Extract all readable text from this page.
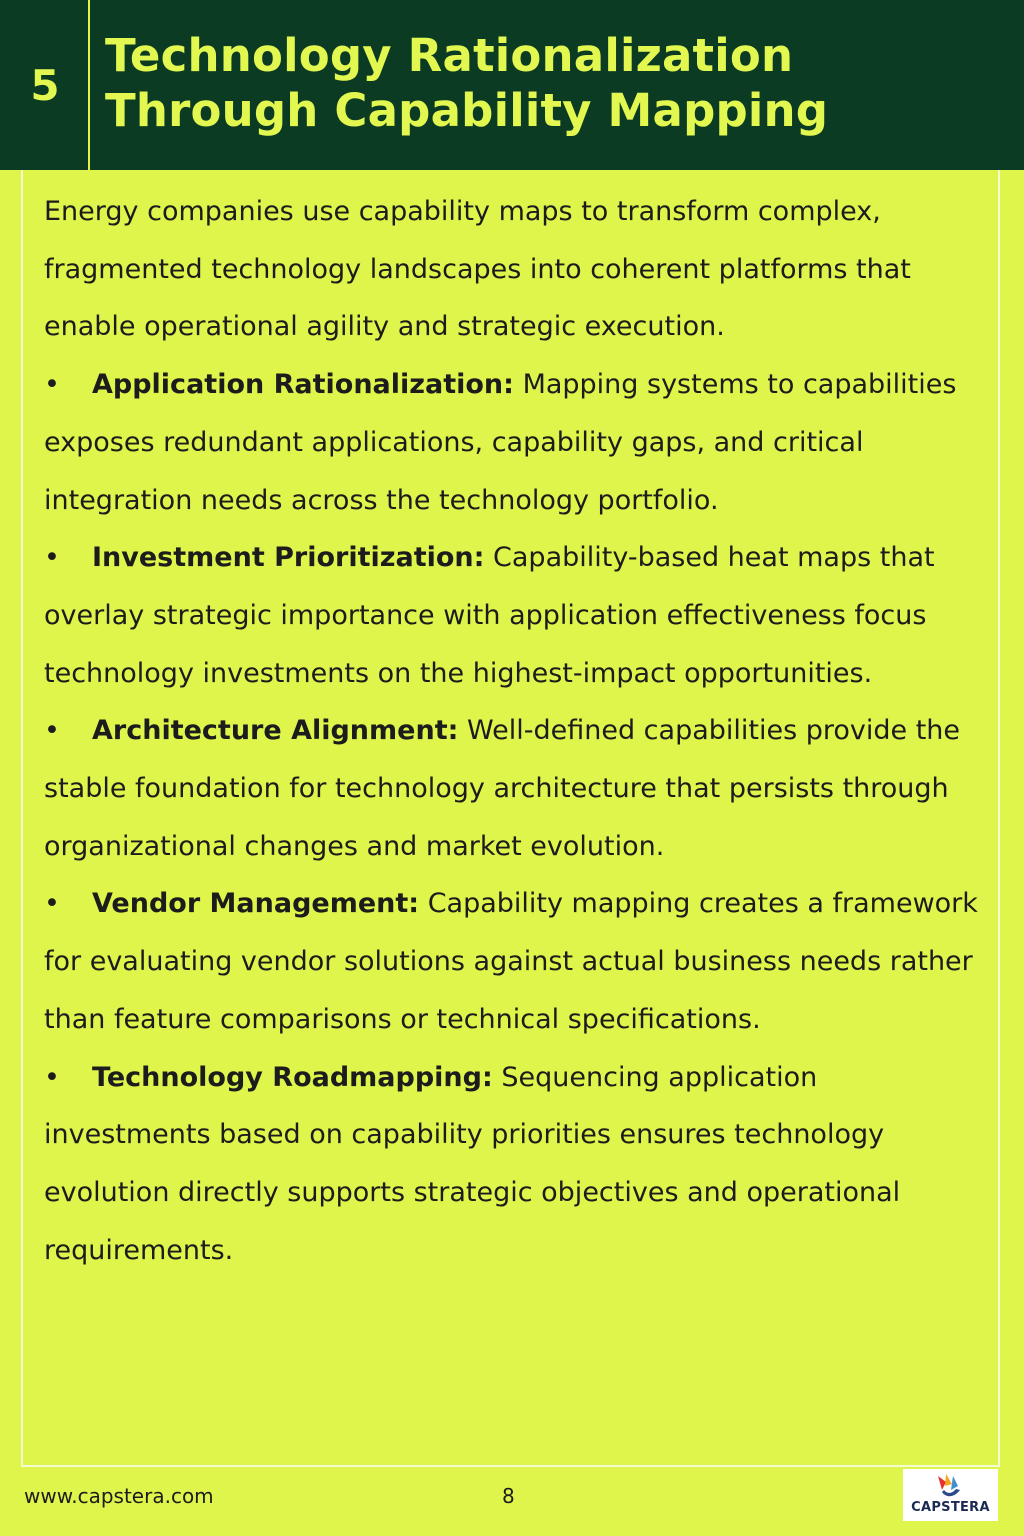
5
Technology Rationalization Through Capability Mapping

Energy companies use capability maps to transform complex, fragmented technology landscapes into coherent platforms that enable operational agility and strategic execution.

• Application Rationalization: Mapping systems to capabilities exposes redundant applications, capability gaps, and critical integration needs across the technology portfolio.

• Investment Prioritization: Capability-based heat maps that overlay strategic importance with application effectiveness focus technology investments on the highest-impact opportunities.

• Architecture Alignment: Well-defined capabilities provide the stable foundation for technology architecture that persists through organizational changes and market evolution.

• Vendor Management: Capability mapping creates a framework for evaluating vendor solutions against actual business needs rather than feature comparisons or technical specifications.

• Technology Roadmapping: Sequencing application investments based on capability priorities ensures technology evolution directly supports strategic objectives and operational requirements.

www.capstera.com	8	CAPSTERA
